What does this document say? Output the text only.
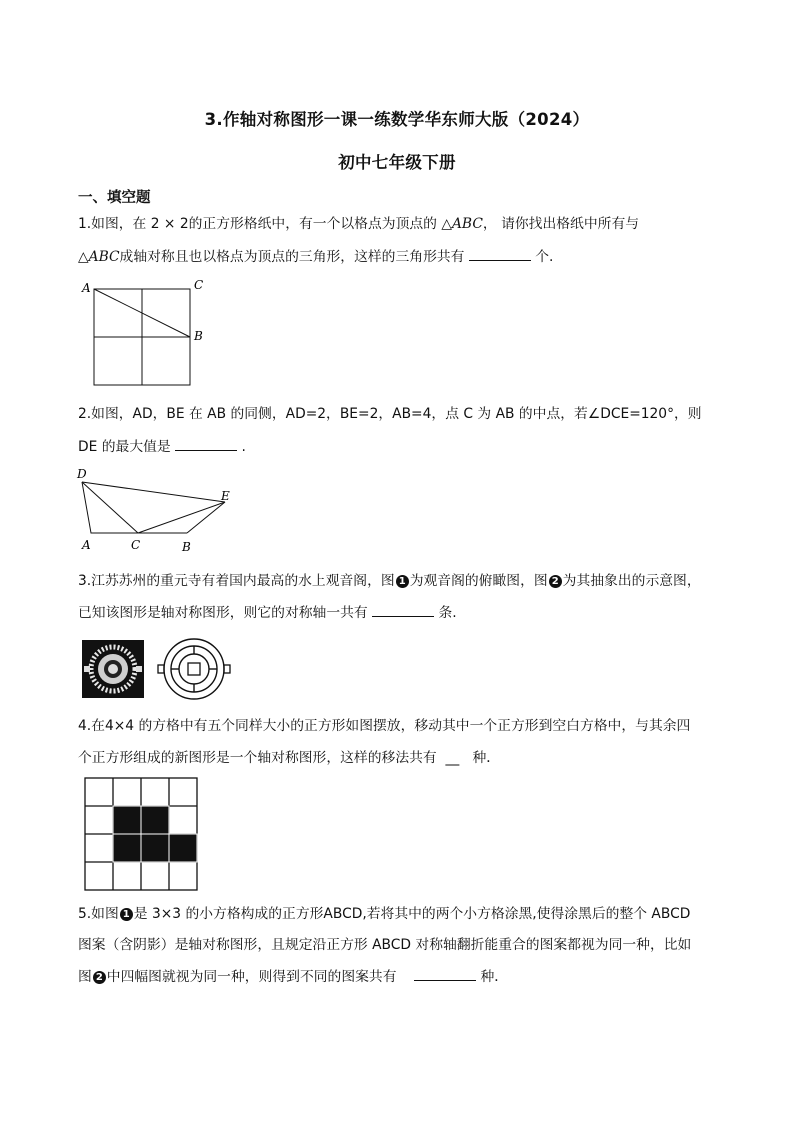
3.作轴对称图形一课一练数学华东师大版（2024）
初中七年级下册
一、填空题
1.如图，在 2 × 2的正方形格纸中，有一个以格点为顶点的 △ABC， 请你找出格纸中所有与
△ABC成轴对称且也以格点为顶点的三角形，这样的三角形共有	个.
A	C
B
2.如图，AD，BE 在 AB 的同侧，AD=2，BE=2，AB=4，点 C 为 AB 的中点，若∠DCE=120°，则
DE 的最大值是	.
D
E
A	C	B
3.江苏苏州的重元寺有着国内最高的水上观音阁，图 1 为观音阁的俯瞰图，图 2 为其抽象出的示意图，
已知该图形是轴对称图形，则它的对称轴一共有	条.
4.在4×4 的方格中有五个同样大小的正方形如图摆放，移动其中一个正方形到空白方格中，与其余四
个正方形组成的新图形是一个轴对称图形，这样的移法共有 __ 种．
5.如图 1 是 3×3 的小方格构成的正方形ABCD,若将其中的两个小方格涂黑,使得涂黑后的整个 ABCD
图案（含阴影）是轴对称图形，且规定沿正方形 ABCD 对称轴翻折能重合的图案都视为同一种，比如
图 2 中四幅图就视为同一种，则得到不同的图案共有	种．
